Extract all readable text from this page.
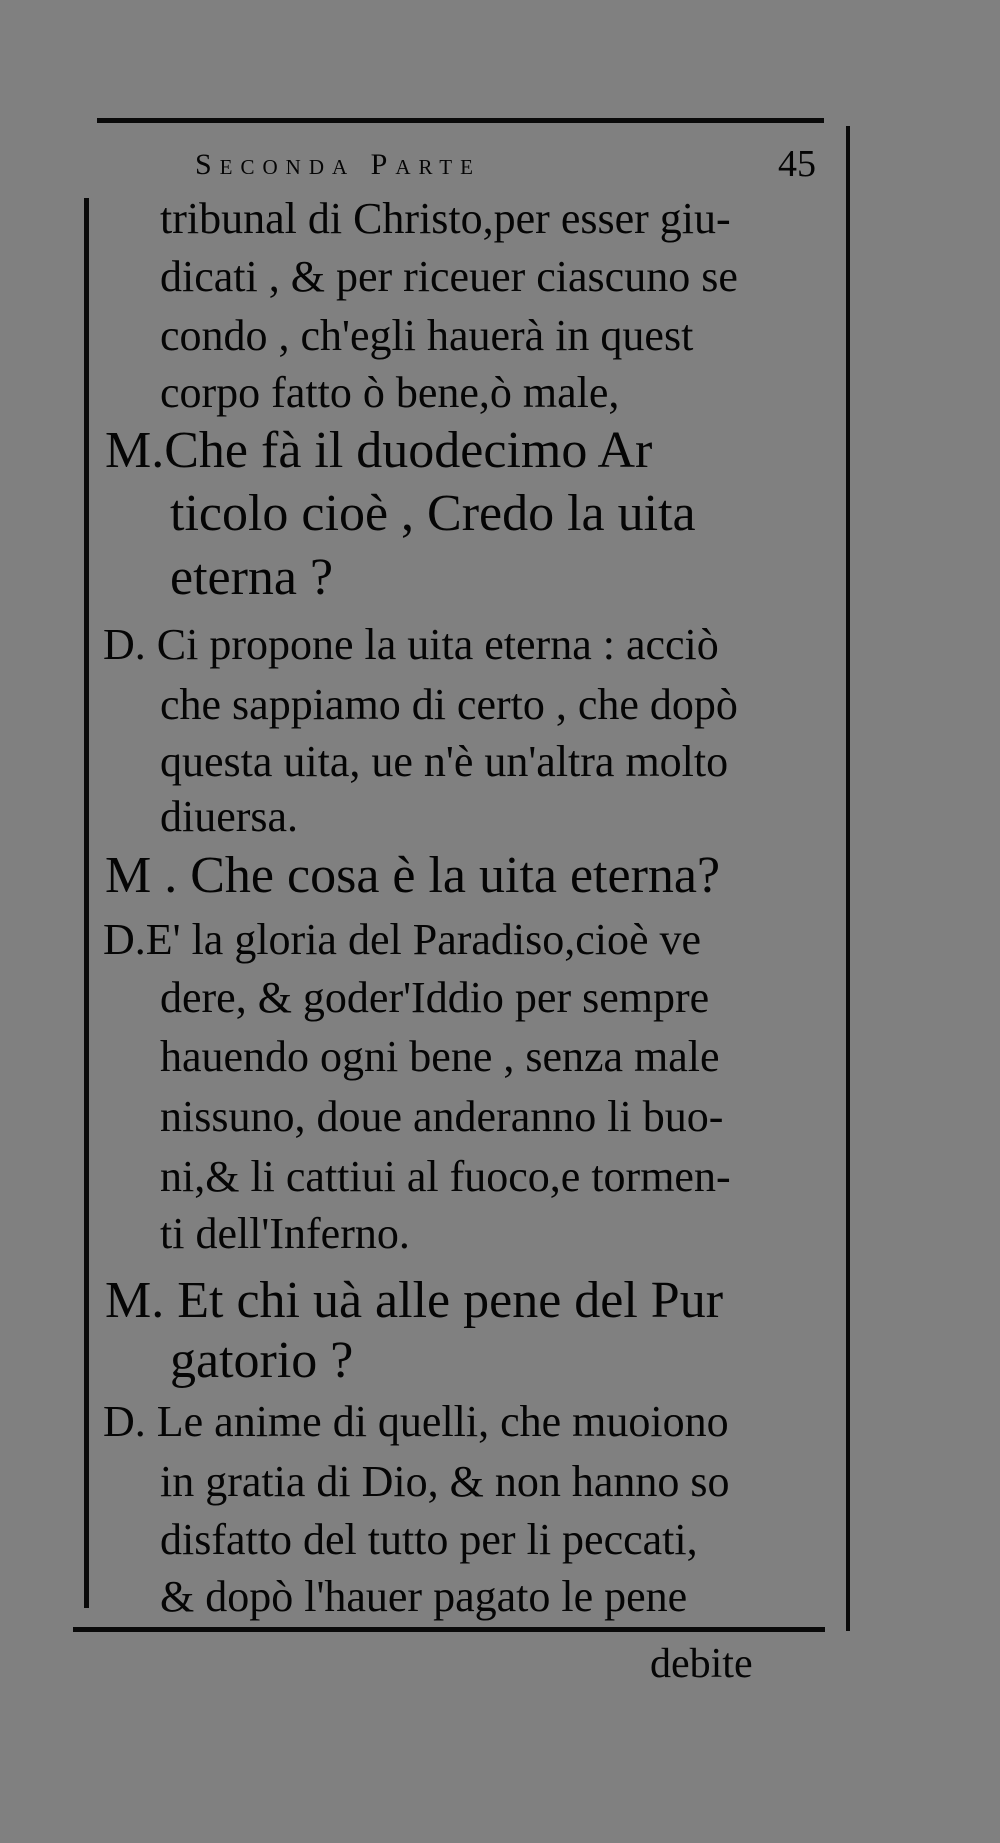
Seconda Parte	45
tribunal di Christo,per esser giu-
dicati , & per riceuer ciascuno se
condo , ch'egli hauerà in quest
corpo fatto ò bene,ò male,
M.Che fà il duodecimo Ar
ticolo cioè , Credo la uita
eterna ?
D. Ci propone la uita eterna : acciò
che sappiamo di certo , che dopò
questa uita, ue n'è un'altra molto
diuersa.
M . Che cosa è la uita eterna?
D.E' la gloria del Paradiso,cioè ve
dere, & goder'Iddio per sempre
hauendo ogni bene , senza male
nissuno, doue anderanno li buo-
ni,& li cattiui al fuoco,e tormen-
ti dell'Inferno.
M. Et chi uà alle pene del Pur
gatorio ?
D. Le anime di quelli, che muoiono
in gratia di Dio, & non hanno so
disfatto del tutto per li peccati,
& dopò l'hauer pagato le pene
debite
